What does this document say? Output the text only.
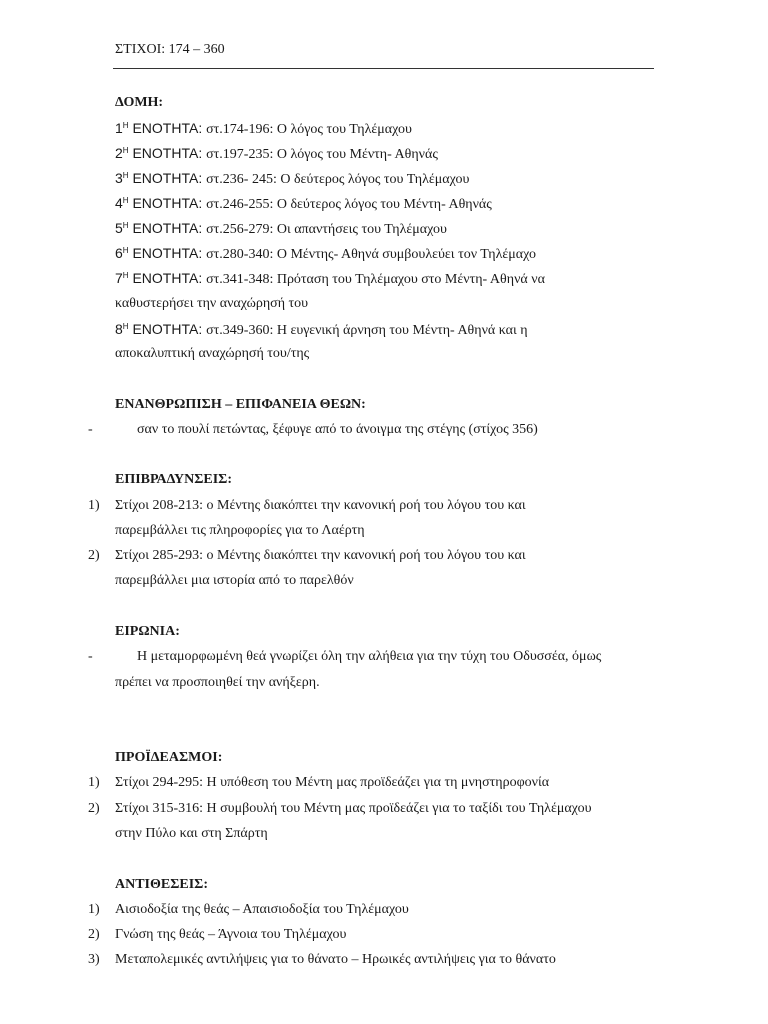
ΣΤΙΧΟΙ: 174 – 360
ΔΟΜΗ:
$1^H$ ΕΝΟΤΗΤΑ: στ.174-196: Ο λόγος του Τηλέμαχου
$2^H$ ΕΝΟΤΗΤΑ: στ.197-235: Ο λόγος του Μέντη- Αθηνάς
$3^H$ ΕΝΟΤΗΤΑ: στ.236- 245: Ο δεύτερος λόγος του Τηλέμαχου
$4^H$ ΕΝΟΤΗΤΑ: στ.246-255: Ο δεύτερος λόγος του Μέντη- Αθηνάς
$5^H$ ΕΝΟΤΗΤΑ: στ.256-279: Οι απαντήσεις του Τηλέμαχου
$6^H$ ΕΝΟΤΗΤΑ: στ.280-340: Ο Μέντης- Αθηνά συμβουλεύει τον Τηλέμαχο
$7^H$ ΕΝΟΤΗΤΑ: στ.341-348: Πρόταση του Τηλέμαχου στο Μέντη- Αθηνά να
καθυστερήσει την αναχώρησή του
$8^H$ ΕΝΟΤΗΤΑ: στ.349-360: Η ευγενική άρνηση του Μέντη- Αθηνά και η
αποκαλυπτική αναχώρησή του/της
ΕΝΑΝΘΡΩΠΙΣΗ – ΕΠΙΦΑΝΕΙΑ ΘΕΩΝ:
-	σαν το πουλί πετώντας, ξέφυγε από το άνοιγμα της στέγης (στίχος 356)
ΕΠΙΒΡΑΔΥΝΣΕΙΣ:
1) Στίχοι 208-213: ο Μέντης διακόπτει την κανονική ροή του λόγου του και
παρεμβάλλει τις πληροφορίες για το Λαέρτη
2) Στίχοι 285-293: ο Μέντης διακόπτει την κανονική ροή του λόγου του και
παρεμβάλλει μια ιστορία από το παρελθόν
ΕΙΡΩΝΙΑ:
-	Η μεταμορφωμένη θεά γνωρίζει όλη την αλήθεια για την τύχη του Οδυσσέα, όμως
πρέπει να προσποιηθεί την ανήξερη.
ΠΡΟΪΔΕΑΣΜΟΙ:
1) Στίχοι 294-295: Η υπόθεση του Μέντη μας προϊδεάζει για τη μνηστηροφονία
2) Στίχοι 315-316: Η συμβουλή του Μέντη μας προϊδεάζει για το ταξίδι του Τηλέμαχου
στην Πύλο και στη Σπάρτη
ΑΝΤΙΘΕΣΕΙΣ:
1) Αισιοδοξία της θεάς – Απαισιοδοξία του Τηλέμαχου
2) Γνώση της θεάς – Άγνοια του Τηλέμαχου
3) Μεταπολεμικές αντιλήψεις για το θάνατο – Ηρωικές αντιλήψεις για το θάνατο
